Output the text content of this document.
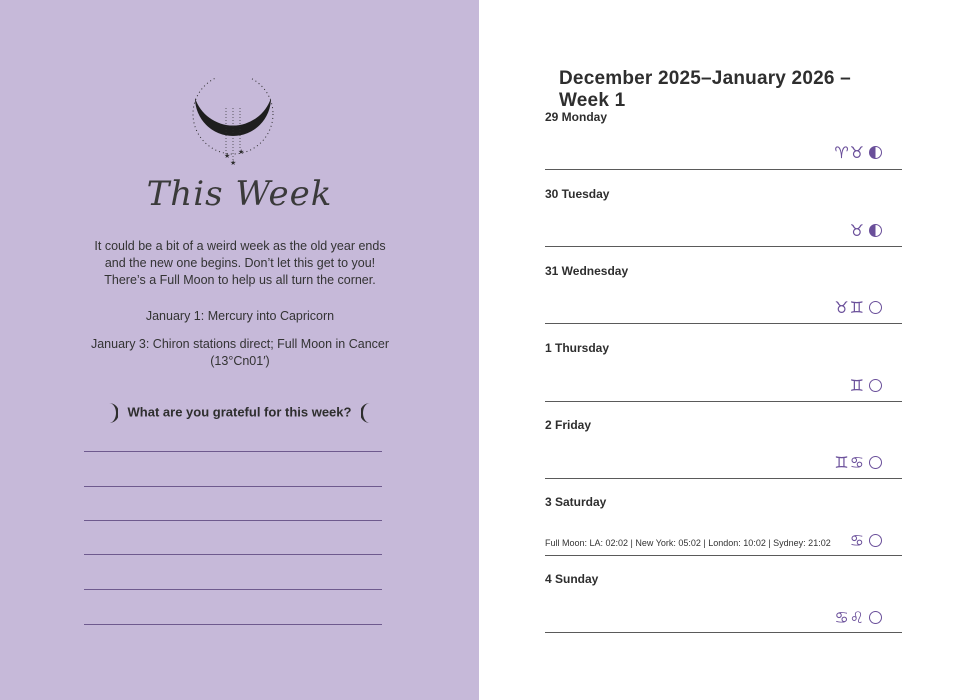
★
★
★
This Week
It could be a bit of a weird week as the old year ends and the new one begins. Don’t let this get to you! There’s a Full Moon to help us all turn the corner.
January 1: Mercury into Capricorn
January 3: Chiron stations direct; Full Moon in Cancer (13°Cn01′)
What are you grateful for this week?
December 2025–January 2026 – Week 1
29 Monday
♈♉
30 Tuesday
♉
31 Wednesday
♉♊
1 Thursday
♊
2 Friday
♊♋
3 Saturday
Full Moon: LA: 02:02 | New York: 05:02 | London: 10:02 | Sydney: 21:02 ♋
4 Sunday
♋♌
